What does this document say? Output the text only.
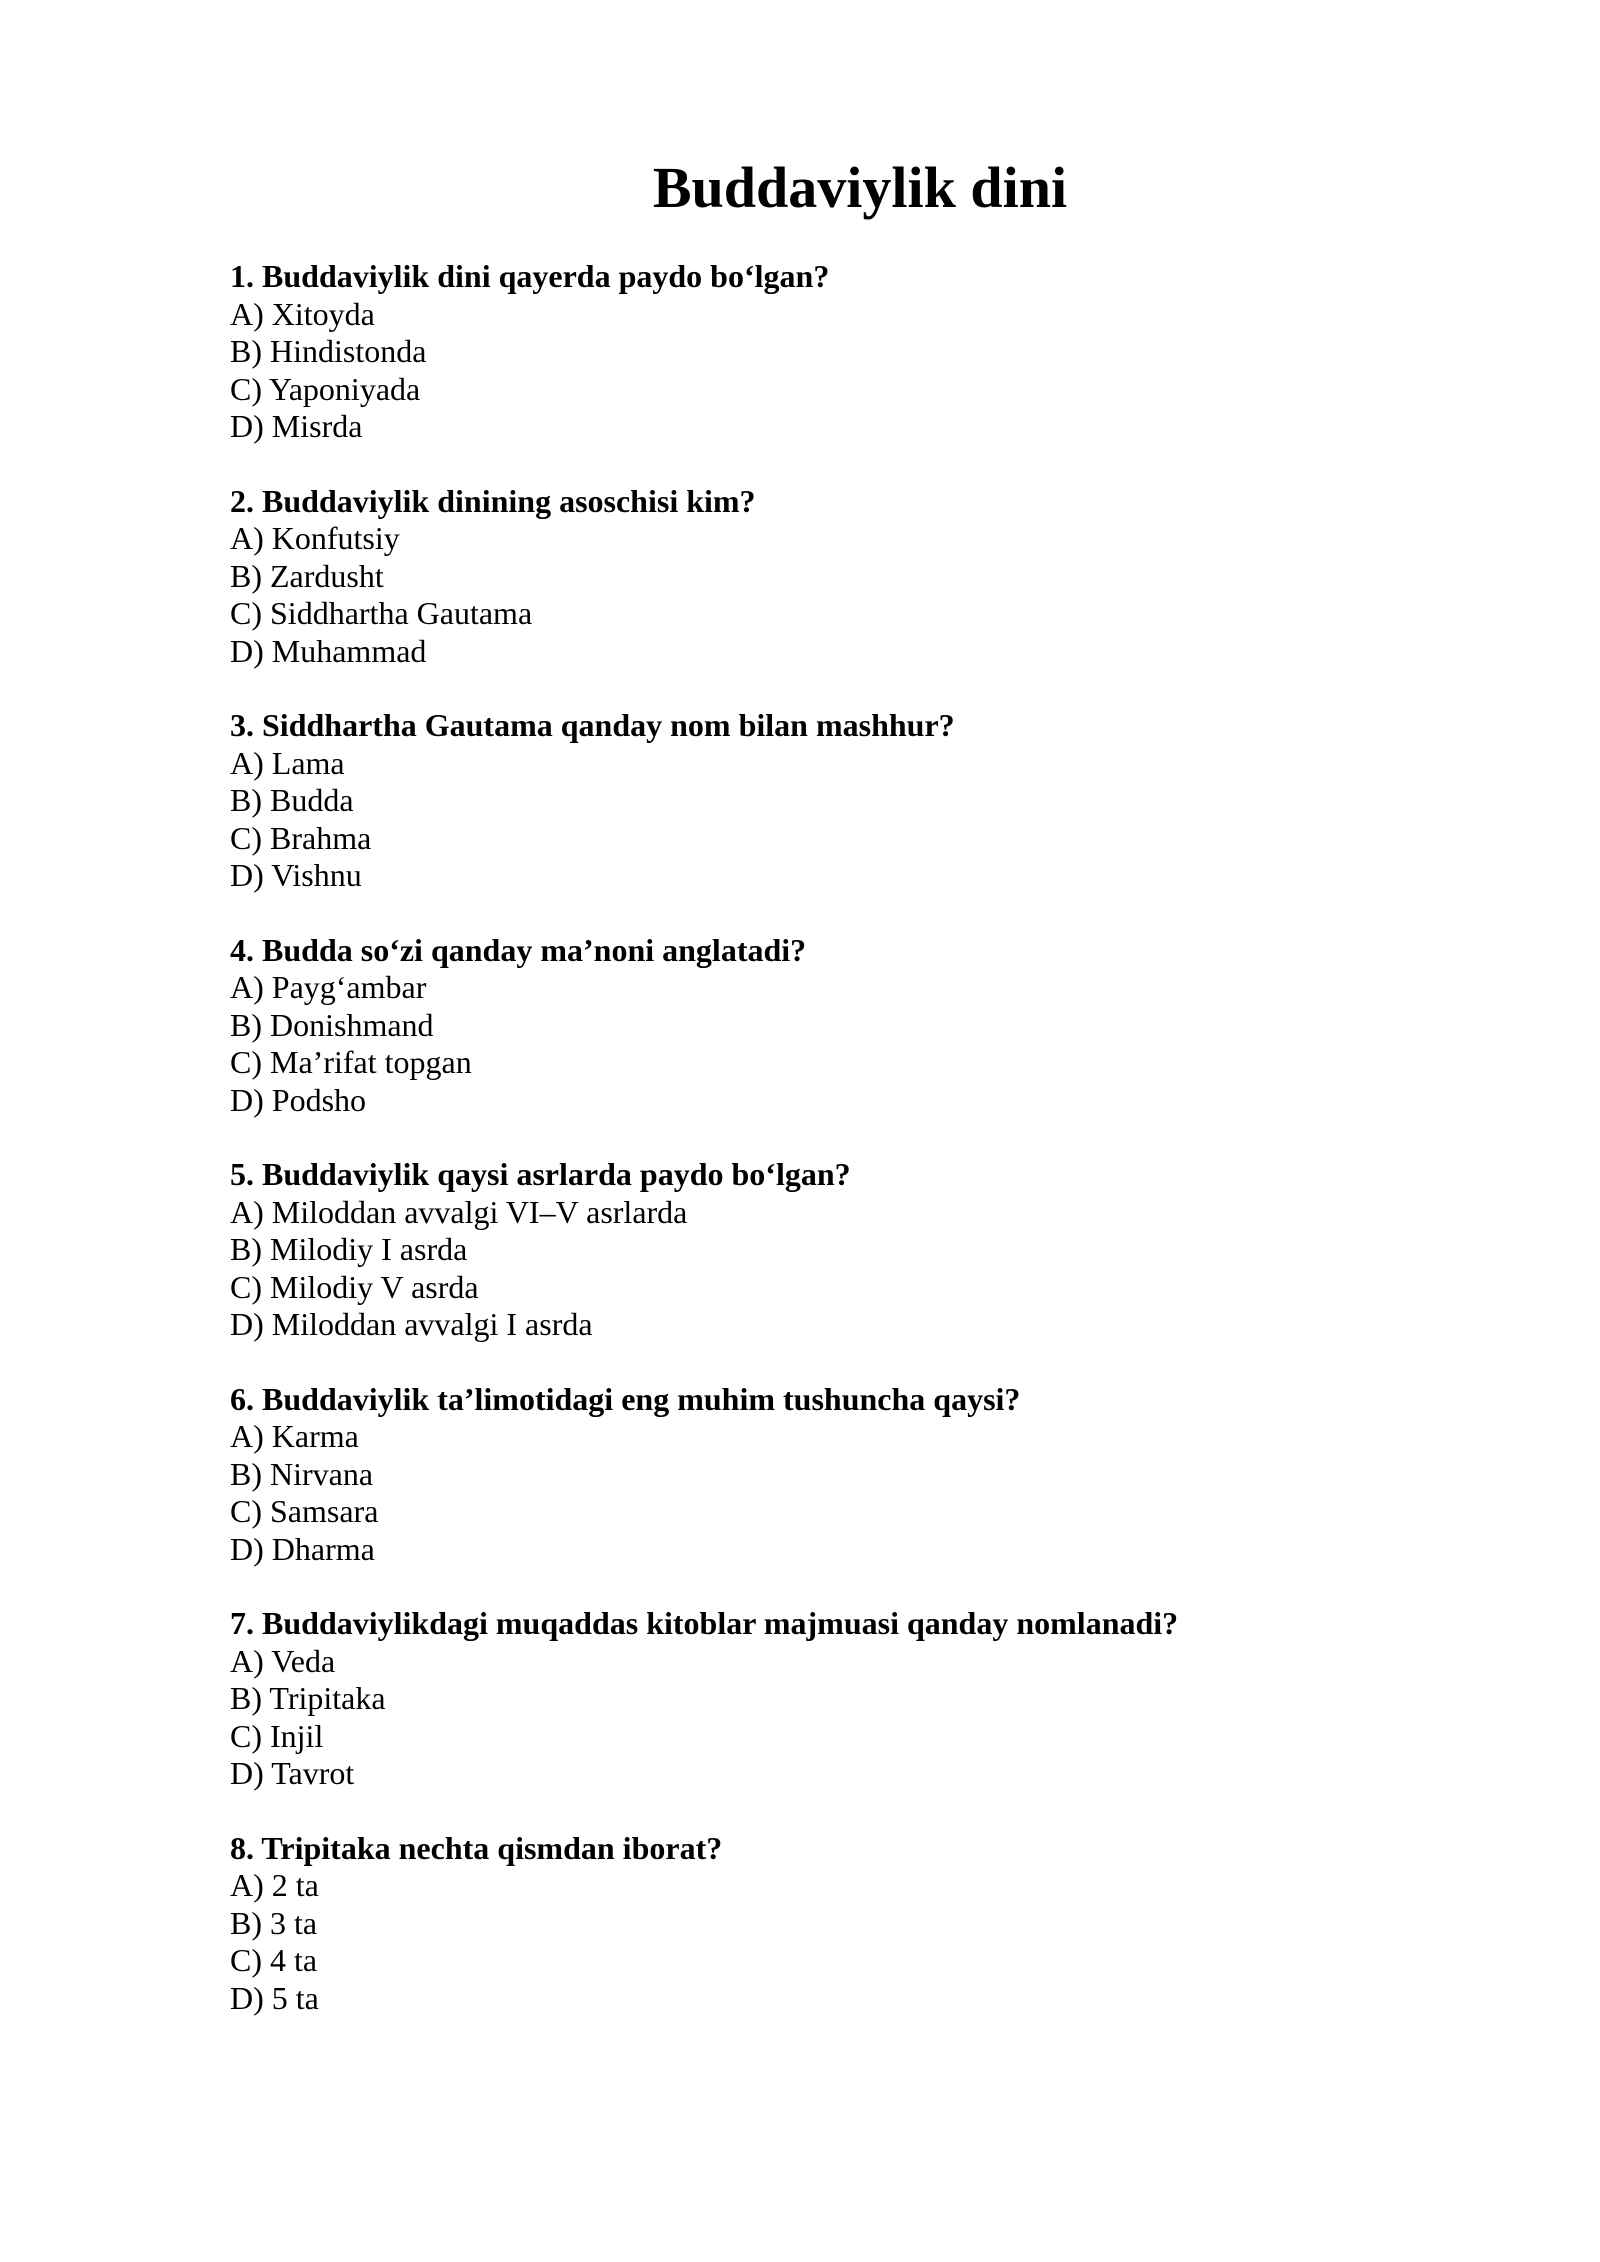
Buddaviylik dini

1. Buddaviylik dini qayerda paydo bo‘lgan?

A) Xitoyda
B) Hindistonda
C) Yaponiyada
D) Misrda

2. Buddaviylik dinining asoschisi kim?

A) Konfutsiy
B) Zardusht
C) Siddhartha Gautama
D) Muhammad

3. Siddhartha Gautama qanday nom bilan mashhur?

A) Lama
B) Budda
C) Brahma
D) Vishnu

4. Budda so‘zi qanday ma’noni anglatadi?

A) Payg‘ambar
B) Donishmand
C) Ma’rifat topgan
D) Podsho

5. Buddaviylik qaysi asrlarda paydo bo‘lgan?

A) Miloddan avvalgi VI–V asrlarda
B) Milodiy I asrda
C) Milodiy V asrda
D) Miloddan avvalgi I asrda

6. Buddaviylik ta’limotidagi eng muhim tushuncha qaysi?

A) Karma
B) Nirvana
C) Samsara
D) Dharma

7. Buddaviylikdagi muqaddas kitoblar majmuasi qanday nomlanadi?

A) Veda
B) Tripitaka
C) Injil
D) Tavrot

8. Tripitaka nechta qismdan iborat?

A) 2 ta
B) 3 ta
C) 4 ta
D) 5 ta
